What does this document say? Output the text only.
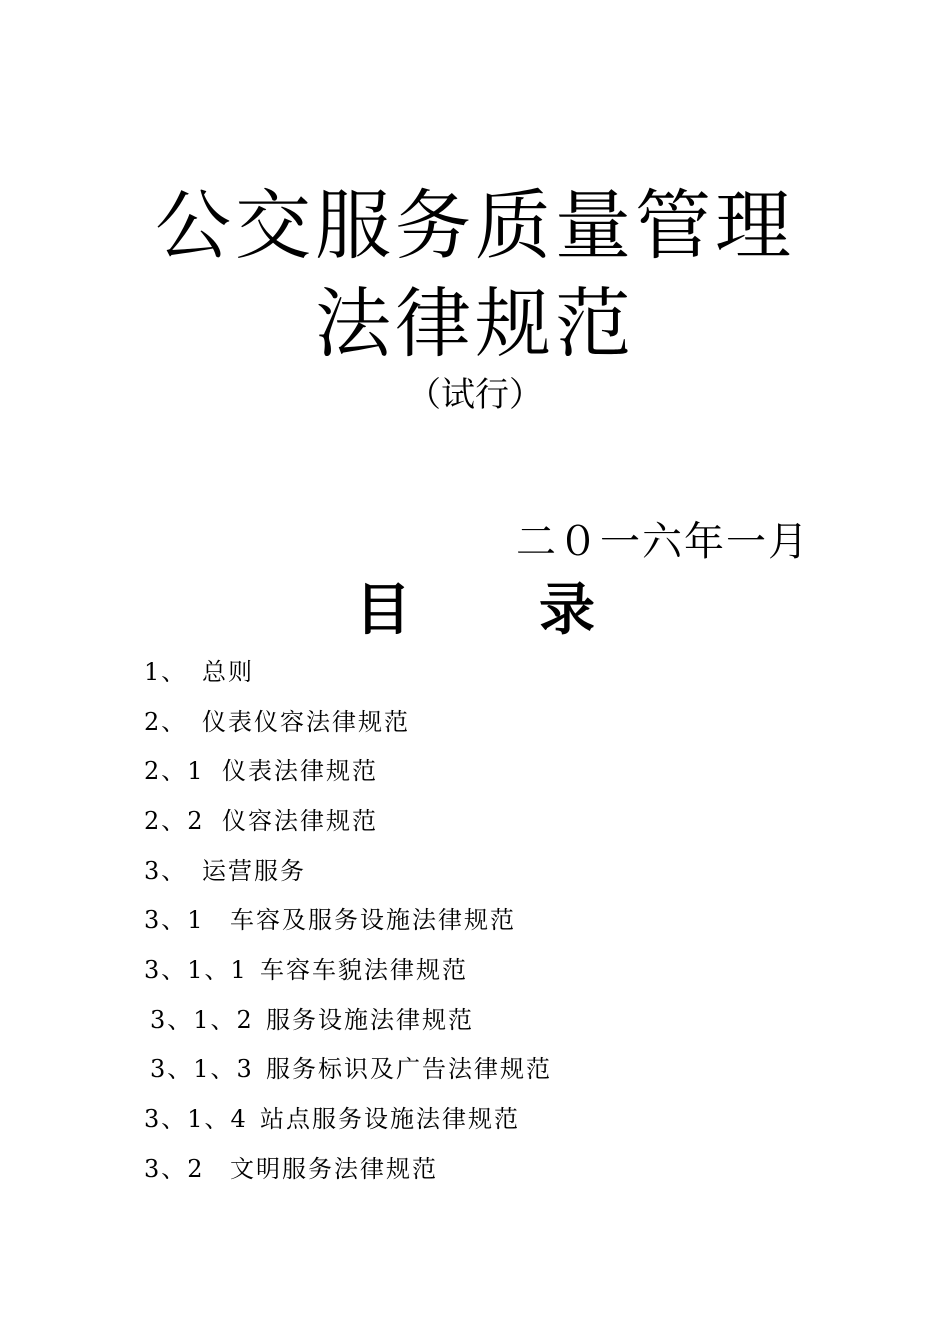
公交服务质量管理
法律规范
（试行）
二０一六年一月
目 录
1、 总则
2、 仪表仪容法律规范
2、1 仪表法律规范
2、2 仪容法律规范
3、 运营服务
3、1 车容及服务设施法律规范
3、1、1 车容车貌法律规范
3、1、2 服务设施法律规范
3、1、3 服务标识及广告法律规范
3、1、4 站点服务设施法律规范
3、2 文明服务法律规范
